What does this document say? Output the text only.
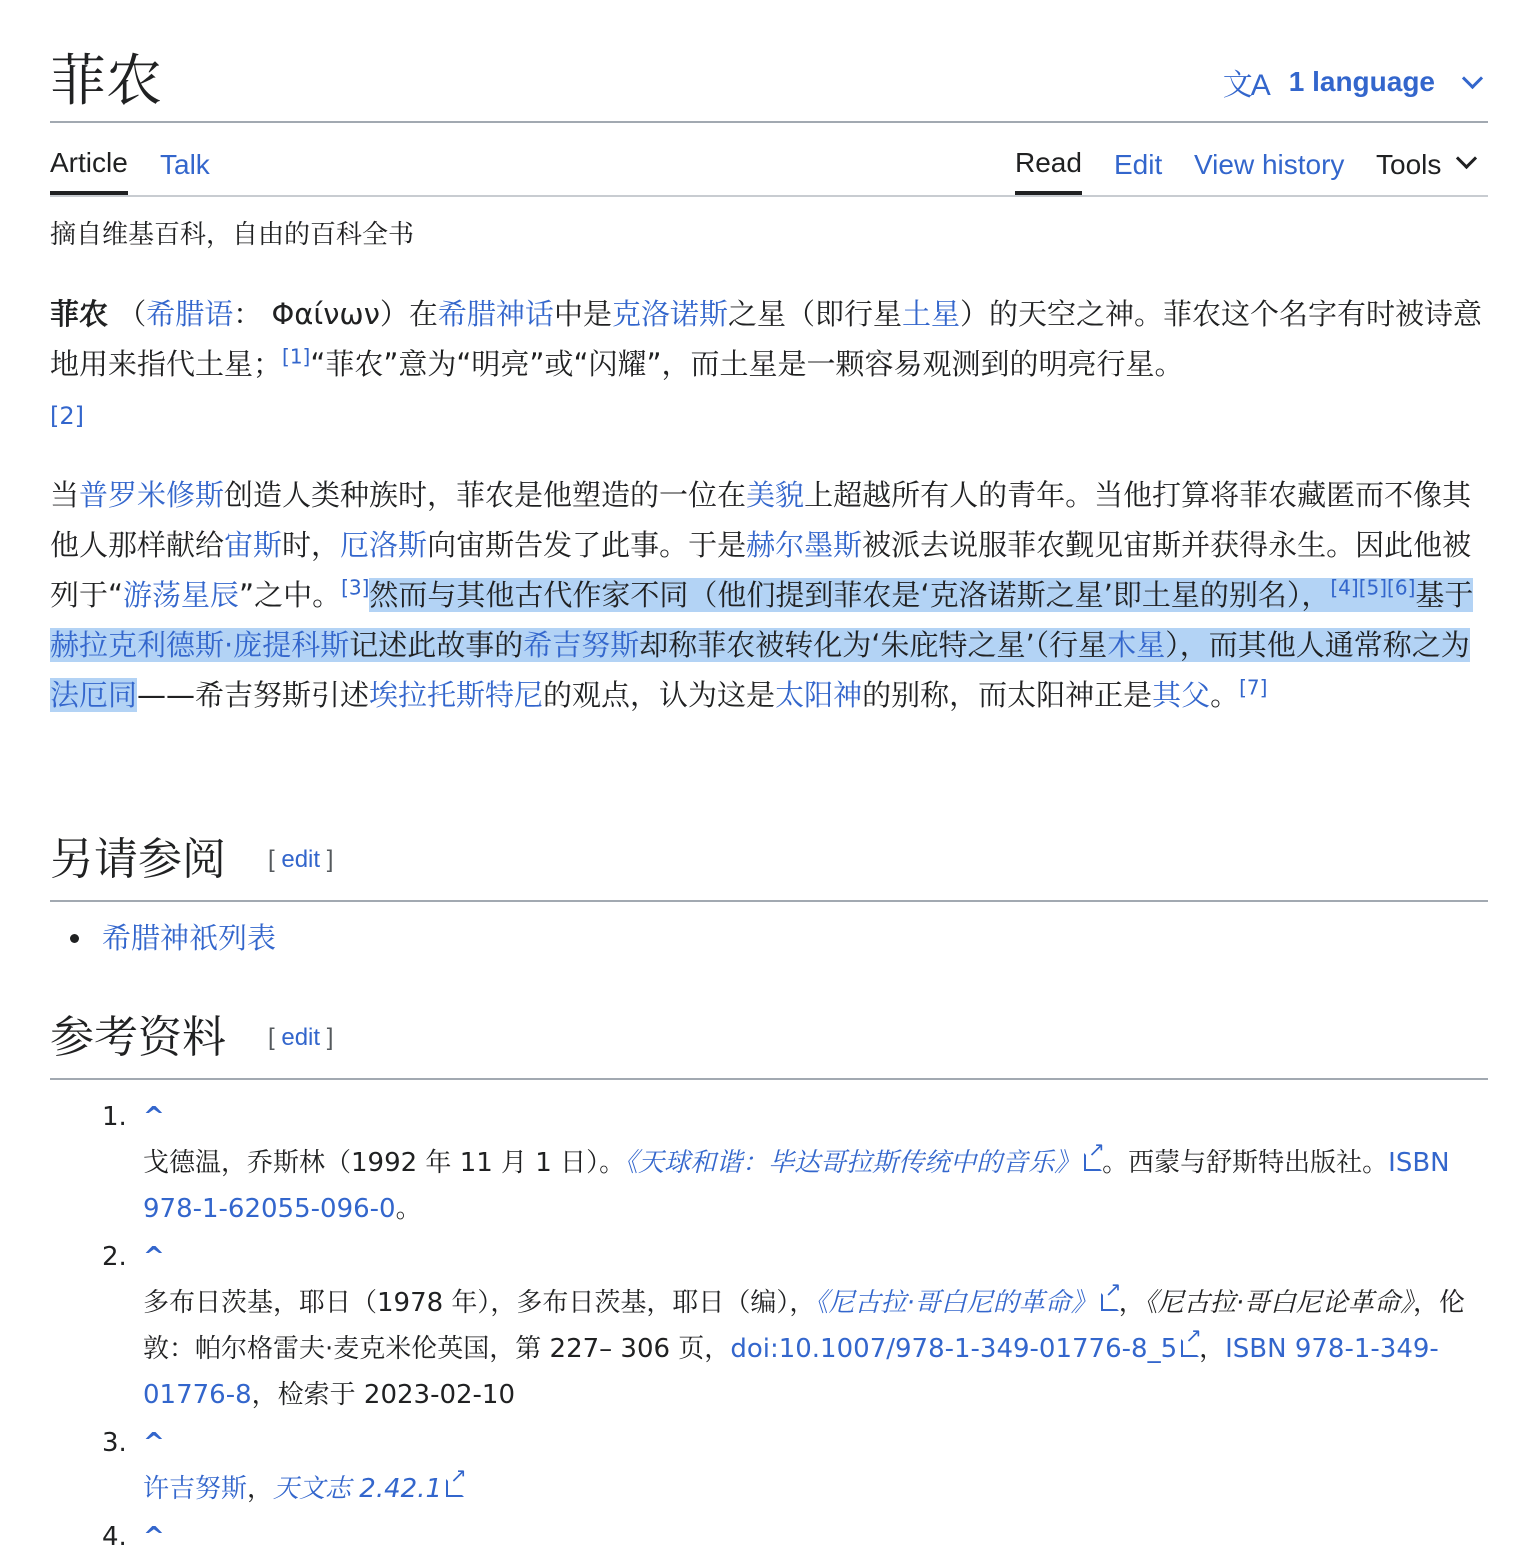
菲农	文A 1 language
Article Talk	Read Edit View history Tools
摘自维基百科，自由的百科全书

菲农 （希腊语： Φαίνων）在希腊神话中是克洛诺斯之星（即行星土星）的天空之神。菲农这个名字有时被诗意地用来指代土星；[1]“菲农”意为“明亮”或“闪耀”，而土星是一颗容易观测到的明亮行星。
[2]

当普罗米修斯创造人类种族时，菲农是他塑造的一位在美貌上超越所有人的青年。当他打算将菲农藏匿而不像其他人那样献给宙斯时，厄洛斯向宙斯告发了此事。于是赫尔墨斯被派去说服菲农觐见宙斯并获得永生。因此他被列于“游荡星辰”之中。[3]然而与其他古代作家不同（他们提到菲农是‘克洛诺斯之星’即土星的别名），[4][5][6]基于赫拉克利德斯·庞提科斯记述此故事的希吉努斯却称菲农被转化为‘朱庇特之星’（行星木星），而其他人通常称之为法厄同——希吉努斯引述埃拉托斯特尼的观点，认为这是太阳神的别称，而太阳神正是其父。[7]

另请参阅 [ edit ]
希腊神祇列表
参考资料 [ edit ]
1. ^
戈德温，乔斯林（1992 年 11 月 1 日）。《天球和谐：毕达哥拉斯传统中的音乐》 ↗ 。西蒙与舒斯特出版社。ISBN 978-1-62055-096-0。
2. ^
多布日茨基，耶日（1978 年），多布日茨基，耶日（编），《尼古拉·哥白尼的革命》 ↗ ，《尼古拉·哥白尼论革命》，伦敦：帕尔格雷夫·麦克米伦英国，第 227– 306 页，doi:10.1007/978-1-349-01776-8_5 ↗ ，ISBN 978-1-349-01776-8，检索于 2023-02-10
3. ^
许吉努斯，天文志 2.42.1↗
4. ^
